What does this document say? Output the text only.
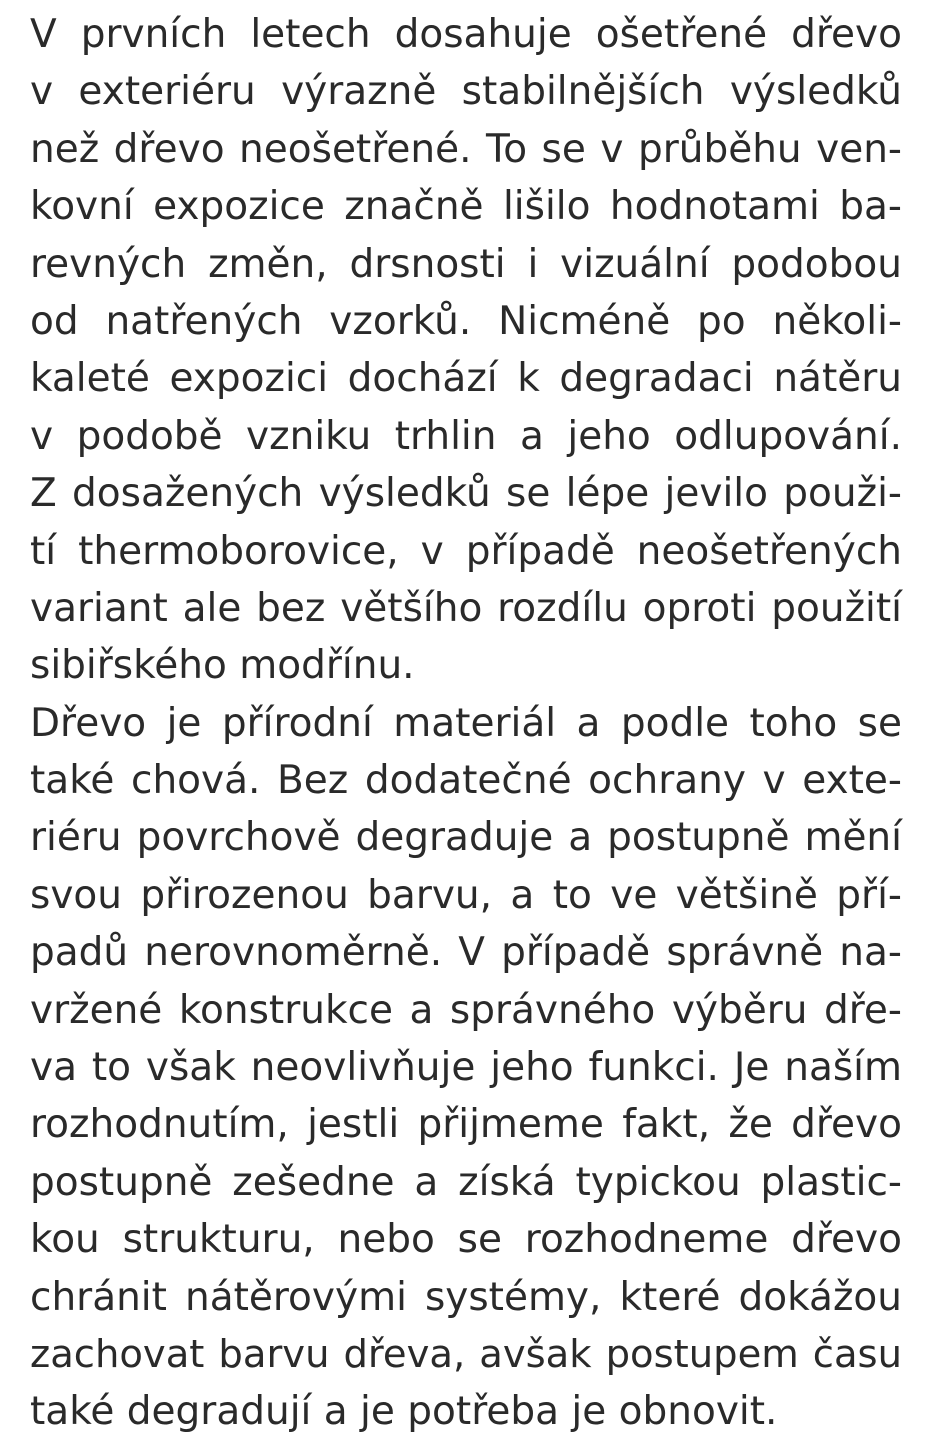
V prvních letech dosahuje ošetřené dřevo
v exteriéru výrazně stabilnějších výsledků
než dřevo neošetřené. To se v průběhu ven-
kovní expozice značně lišilo hodnotami ba-
revných změn, drsnosti i vizuální podobou
od natřených vzorků. Nicméně po několi-
kaleté expozici dochází k degradaci nátěru
v podobě vzniku trhlin a jeho odlupování.
Z dosažených výsledků se lépe jevilo použi-
tí thermoborovice, v případě neošetřených
variant ale bez většího rozdílu oproti použití
sibiřského modřínu.
Dřevo je přírodní materiál a podle toho se
také chová. Bez dodatečné ochrany v exte-
riéru povrchově degraduje a postupně mění
svou přirozenou barvu, a to ve většině pří-
padů nerovnoměrně. V případě správně na-
vržené konstrukce a správného výběru dře-
va to však neovlivňuje jeho funkci. Je naším
rozhodnutím, jestli přijmeme fakt, že dřevo
postupně zešedne a získá typickou plastic-
kou strukturu, nebo se rozhodneme dřevo
chránit nátěrovými systémy, které dokážou
zachovat barvu dřeva, avšak postupem času
také degradují a je potřeba je obnovit.
